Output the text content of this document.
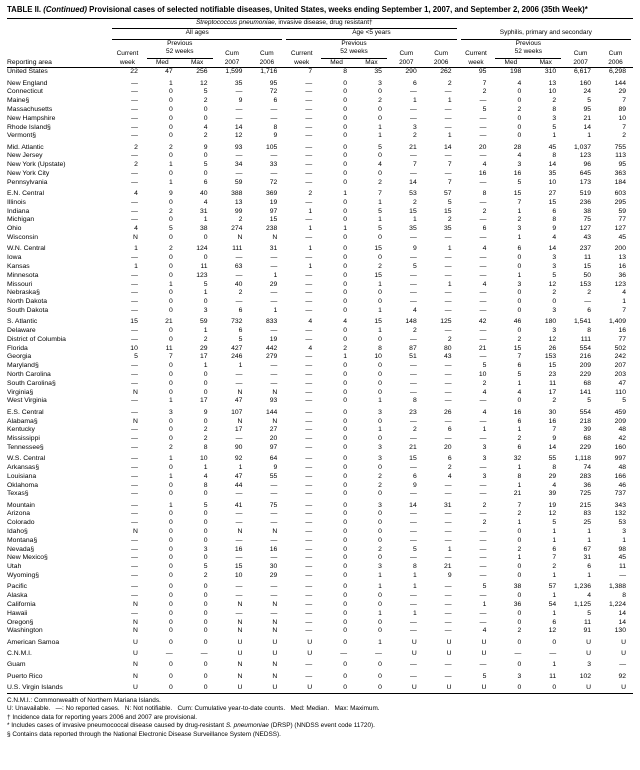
TABLE II. (Continued) Provisional cases of selected notifiable diseases, United States, weeks ending September 1, 2007, and September 2, 2006 (35th Week)*
Reporting area	Streptococcus pneumoniae, invasive disease, drug resistant†														

	All ages					Age <5 years					Syphilis, primary and secondary				

		Previous					Previous					Previous			
	Current	52 weeks		Cum	Cum	Current	52 weeks		Cum	Cum	Current	52 weeks		Cum	Cum
	week	Med	Max	2007	2006	week	Med	Max	2007	2006	week	Med	Max	2007	2006
United States	22	47	256	1,599	1,716	7	8	35	290	262	95	198	310	6,617	6,298

New England	—	1	12	35	95	—	0	3	6	2	7	4	13	160	144
Connecticut	—	0	5	—	72	—	0	0	—	—	2	0	10	24	29
Maine§	—	0	2	9	6	—	0	2	1	1	—	0	2	5	7
Massachusetts	—	0	0	—	—	—	0	0	—	—	5	2	8	95	89
New Hampshire	—	0	0	—	—	—	0	0	—	—	—	0	3	21	10
Rhode Island§	—	0	4	14	8	—	0	1	3	—	—	0	5	14	7
Vermont§	—	0	2	12	9	—	0	1	2	1	—	0	1	1	2

Mid. Atlantic	2	2	9	93	105	—	0	5	21	14	20	28	45	1,037	755
New Jersey	—	0	0	—	—	—	0	0	—	—	—	4	8	123	113
New York (Upstate)	2	1	5	34	33	—	0	4	7	7	4	3	14	96	95
New York City	—	0	0	—	—	—	0	0	—	—	16	16	35	645	363
Pennsylvania	—	1	6	59	72	—	0	2	14	7	—	5	10	173	184

E.N. Central	4	9	40	388	369	2	1	7	53	57	8	15	27	519	603
Illinois	—	0	4	13	19	—	0	1	2	5	—	7	15	236	295
Indiana	—	2	31	99	97	1	0	5	15	15	2	1	6	38	59
Michigan	—	0	1	2	15	—	0	1	1	2	—	2	8	75	77
Ohio	4	5	38	274	238	1	1	5	35	35	6	3	9	127	127
Wisconsin	N	0	0	N	N	—	0	0	—	—	—	1	4	43	45

W.N. Central	1	2	124	111	31	1	0	15	9	1	4	6	14	237	200
Iowa	—	0	0	—	—	—	0	0	—	—	—	0	3	11	13
Kansas	1	0	11	63	—	1	0	2	5	—	—	0	3	15	16
Minnesota	—	0	123	—	1	—	0	15	—	—	—	1	5	50	36
Missouri	—	1	5	40	29	—	0	1	—	1	4	3	12	153	123
Nebraska§	—	0	1	2	—	—	0	0	—	—	—	0	2	2	4
North Dakota	—	0	0	—	—	—	0	0	—	—	—	0	0	—	1
South Dakota	—	0	3	6	1	—	0	1	4	—	—	0	3	6	7

S. Atlantic	15	21	59	732	833	4	4	15	148	125	42	46	180	1,541	1,409
Delaware	—	0	1	6	—	—	0	1	2	—	—	0	3	8	16
District of Columbia	—	0	2	5	19	—	0	0	—	2	—	2	12	111	77
Florida	10	11	29	427	442	4	2	8	87	80	21	15	26	554	502
Georgia	5	7	17	246	279	—	1	10	51	43	—	7	153	216	242
Maryland§	—	0	1	1	—	—	0	0	—	—	5	6	15	209	207
North Carolina	—	0	0	—	—	—	0	0	—	—	10	5	23	229	203
South Carolina§	—	0	0	—	—	—	0	0	—	—	2	1	11	68	47
Virginia§	N	0	0	N	N	—	0	0	—	—	4	4	17	141	110
West Virginia	—	1	17	47	93	—	0	1	8	—	—	0	2	5	5

E.S. Central	—	3	9	107	144	—	0	3	23	26	4	16	30	554	459
Alabama§	N	0	0	N	N	—	0	0	—	—	—	6	16	218	209
Kentucky	—	0	2	17	27	—	0	1	2	6	1	1	7	39	48
Mississippi	—	0	2	—	20	—	0	0	—	—	—	2	9	68	42
Tennessee§	—	2	8	90	97	—	0	3	21	20	3	6	14	229	160

W.S. Central	—	1	10	92	64	—	0	3	15	6	3	32	55	1,118	997
Arkansas§	—	0	1	1	9	—	0	0	—	2	—	1	8	74	48
Louisiana	—	1	4	47	55	—	0	2	6	4	3	8	29	283	166
Oklahoma	—	0	8	44	—	—	0	2	9	—	—	1	4	36	46
Texas§	—	0	0	—	—	—	0	0	—	—	—	21	39	725	737

Mountain	—	1	5	41	75	—	0	3	14	31	2	7	19	215	343
Arizona	—	0	0	—	—	—	0	0	—	—	—	2	12	83	132
Colorado	—	0	0	—	—	—	0	0	—	—	2	1	5	25	53
Idaho§	N	0	0	N	N	—	0	0	—	—	—	0	1	1	3
Montana§	—	0	0	—	—	—	0	0	—	—	—	0	1	1	1
Nevada§	—	0	3	16	16	—	0	2	5	1	—	2	6	67	98
New Mexico§	—	0	0	—	—	—	0	0	—	—	—	1	7	31	45
Utah	—	0	5	15	30	—	0	3	8	21	—	0	2	6	11
Wyoming§	—	0	2	10	29	—	0	1	1	9	—	0	1	1	—

Pacific	—	0	0	—	—	—	0	1	1	—	5	38	57	1,236	1,388
Alaska	—	0	0	—	—	—	0	0	—	—	—	0	1	4	8
California	N	0	0	N	N	—	0	0	—	—	1	36	54	1,125	1,224
Hawaii	—	0	0	—	—	—	0	1	1	—	—	0	1	5	14
Oregon§	N	0	0	N	N	—	0	0	—	—	—	0	6	11	14
Washington	N	0	0	N	N	—	0	0	—	—	4	2	12	91	130

American Samoa	U	0	0	U	U	U	0	1	U	U	U	0	0	U	U

C.N.M.I.	U	—	—	U	U	U	—	—	U	U	U	—	—	U	U

Guam	N	0	0	N	N	—	0	0	—	—	—	0	1	3	—

Puerto Rico	N	0	0	N	N	—	0	0	—	—	5	3	11	102	92

U.S. Virgin Islands	U	0	0	U	U	U	0	0	U	U	U	0	0	U	U
C.N.M.I.: Commonwealth of Northern Mariana Islands.
U: Unavailable.   —: No reported cases.   N: Not notifiable.   Cum: Cumulative year-to-date counts.   Med: Median.   Max: Maximum.
† Incidence data for reporting years 2006 and 2007 are provisional.
* Includes cases of invasive pneumococcal disease caused by drug-resistant S. pneumoniae (DRSP) (NNDSS event code 11720).
§ Contains data reported through the National Electronic Disease Surveillance System (NEDSS).
